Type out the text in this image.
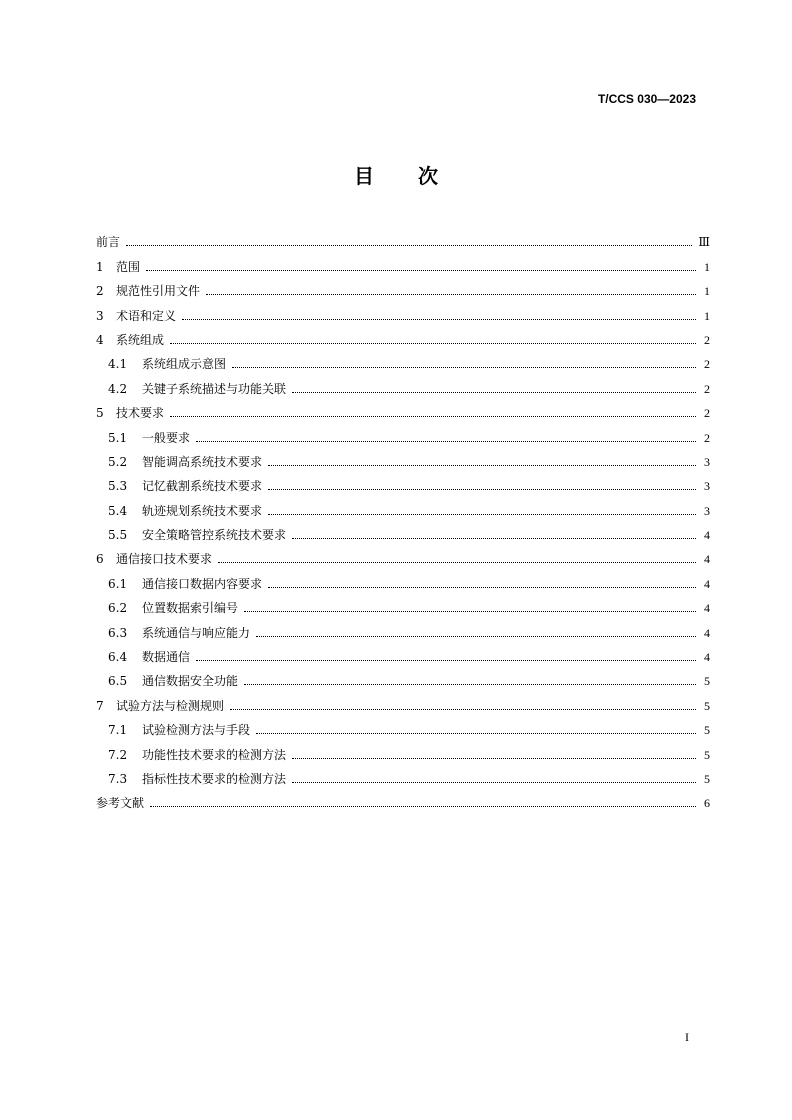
T/CCS 030—2023
目 次
前言	Ⅲ
1	范围	1
2	规范性引用文件	1
3	术语和定义	1
4	系统组成	2
4.1	系统组成示意图	2
4.2	关键子系统描述与功能关联	2
5	技术要求	2
5.1	一般要求	2
5.2	智能调高系统技术要求	3
5.3	记忆截割系统技术要求	3
5.4	轨迹规划系统技术要求	3
5.5	安全策略管控系统技术要求	4
6	通信接口技术要求	4
6.1	通信接口数据内容要求	4
6.2	位置数据索引编号	4
6.3	系统通信与响应能力	4
6.4	数据通信	4
6.5	通信数据安全功能	5
7	试验方法与检测规则	5
7.1	试验检测方法与手段	5
7.2	功能性技术要求的检测方法	5
7.3	指标性技术要求的检测方法	5
参考文献	6
I
